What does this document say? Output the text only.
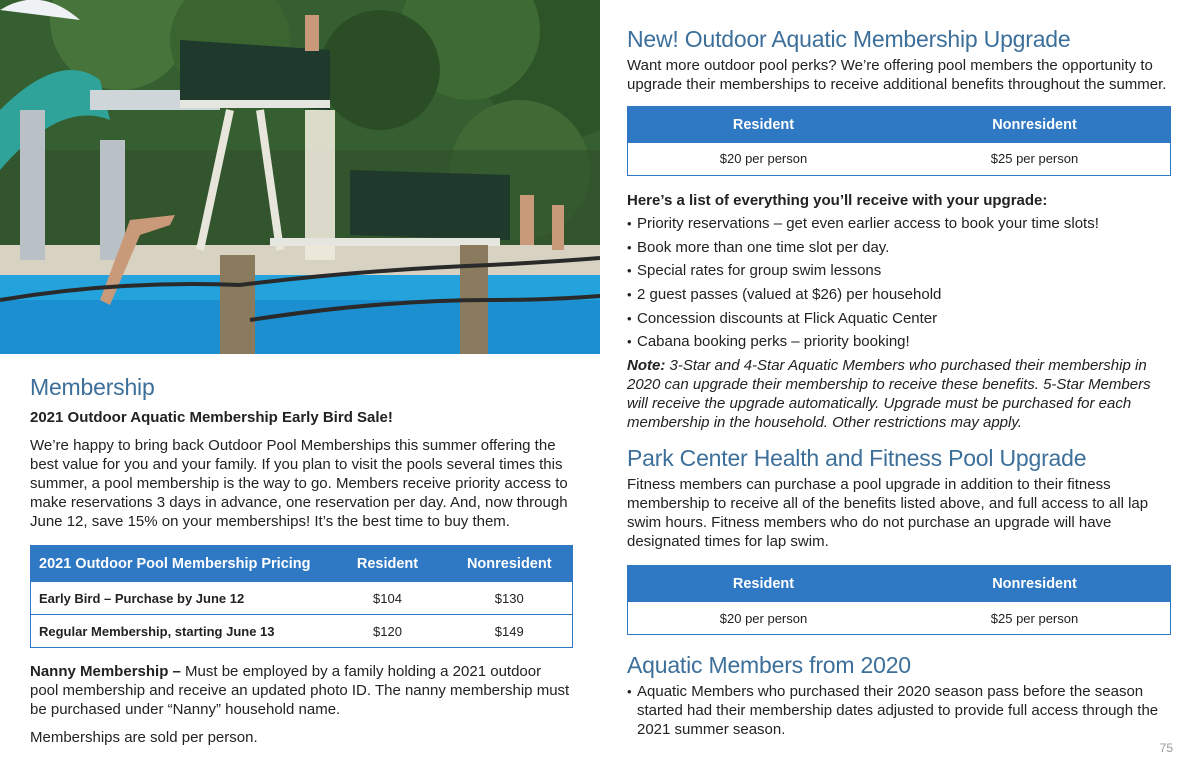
Membership

2021 Outdoor Aquatic Membership Early Bird Sale!

We’re happy to bring back Outdoor Pool Memberships this summer offering the best value for you and your family. If you plan to visit the pools several times this summer, a pool membership is the way to go. Members receive priority access to make reservations 3 days in advance, one reservation per day. And, now through June 12, save 15% on your memberships! It’s the best time to buy them.

2021 Outdoor Pool Membership Pricing	Resident	Nonresident
Early Bird – Purchase by June 12	$104	$130
Regular Membership, starting June 13	$120	$149

Nanny Membership – Must be employed by a family holding a 2021 outdoor pool membership and receive an updated photo ID. The nanny membership must be purchased under “Nanny” household name.

Memberships are sold per person.

New! Outdoor Aquatic Membership Upgrade

Want more outdoor pool perks? We’re offering pool members the opportunity to upgrade their memberships to receive additional benefits throughout the summer.

Resident	Nonresident
$20 per person	$25 per person

Here’s a list of everything you’ll receive with your upgrade:

• Priority reservations – get even earlier access to book your time slots!
• Book more than one time slot per day.
• Special rates for group swim lessons
• 2 guest passes (valued at $26) per household
• Concession discounts at Flick Aquatic Center
• Cabana booking perks – priority booking!

Note: 3-Star and 4-Star Aquatic Members who purchased their membership in 2020 can upgrade their membership to receive these benefits. 5-Star Members will receive the upgrade automatically. Upgrade must be purchased for each membership in the household. Other restrictions may apply.

Park Center Health and Fitness Pool Upgrade

Fitness members can purchase a pool upgrade in addition to their fitness membership to receive all of the benefits listed above, and full access to all lap swim hours. Fitness members who do not purchase an upgrade will have designated times for lap swim.

Resident	Nonresident
$20 per person	$25 per person
Aquatic Members from 2020
• Aquatic Members who purchased their 2020 season pass before the season started had their membership dates adjusted to provide full access through the 2021 summer season.
75
